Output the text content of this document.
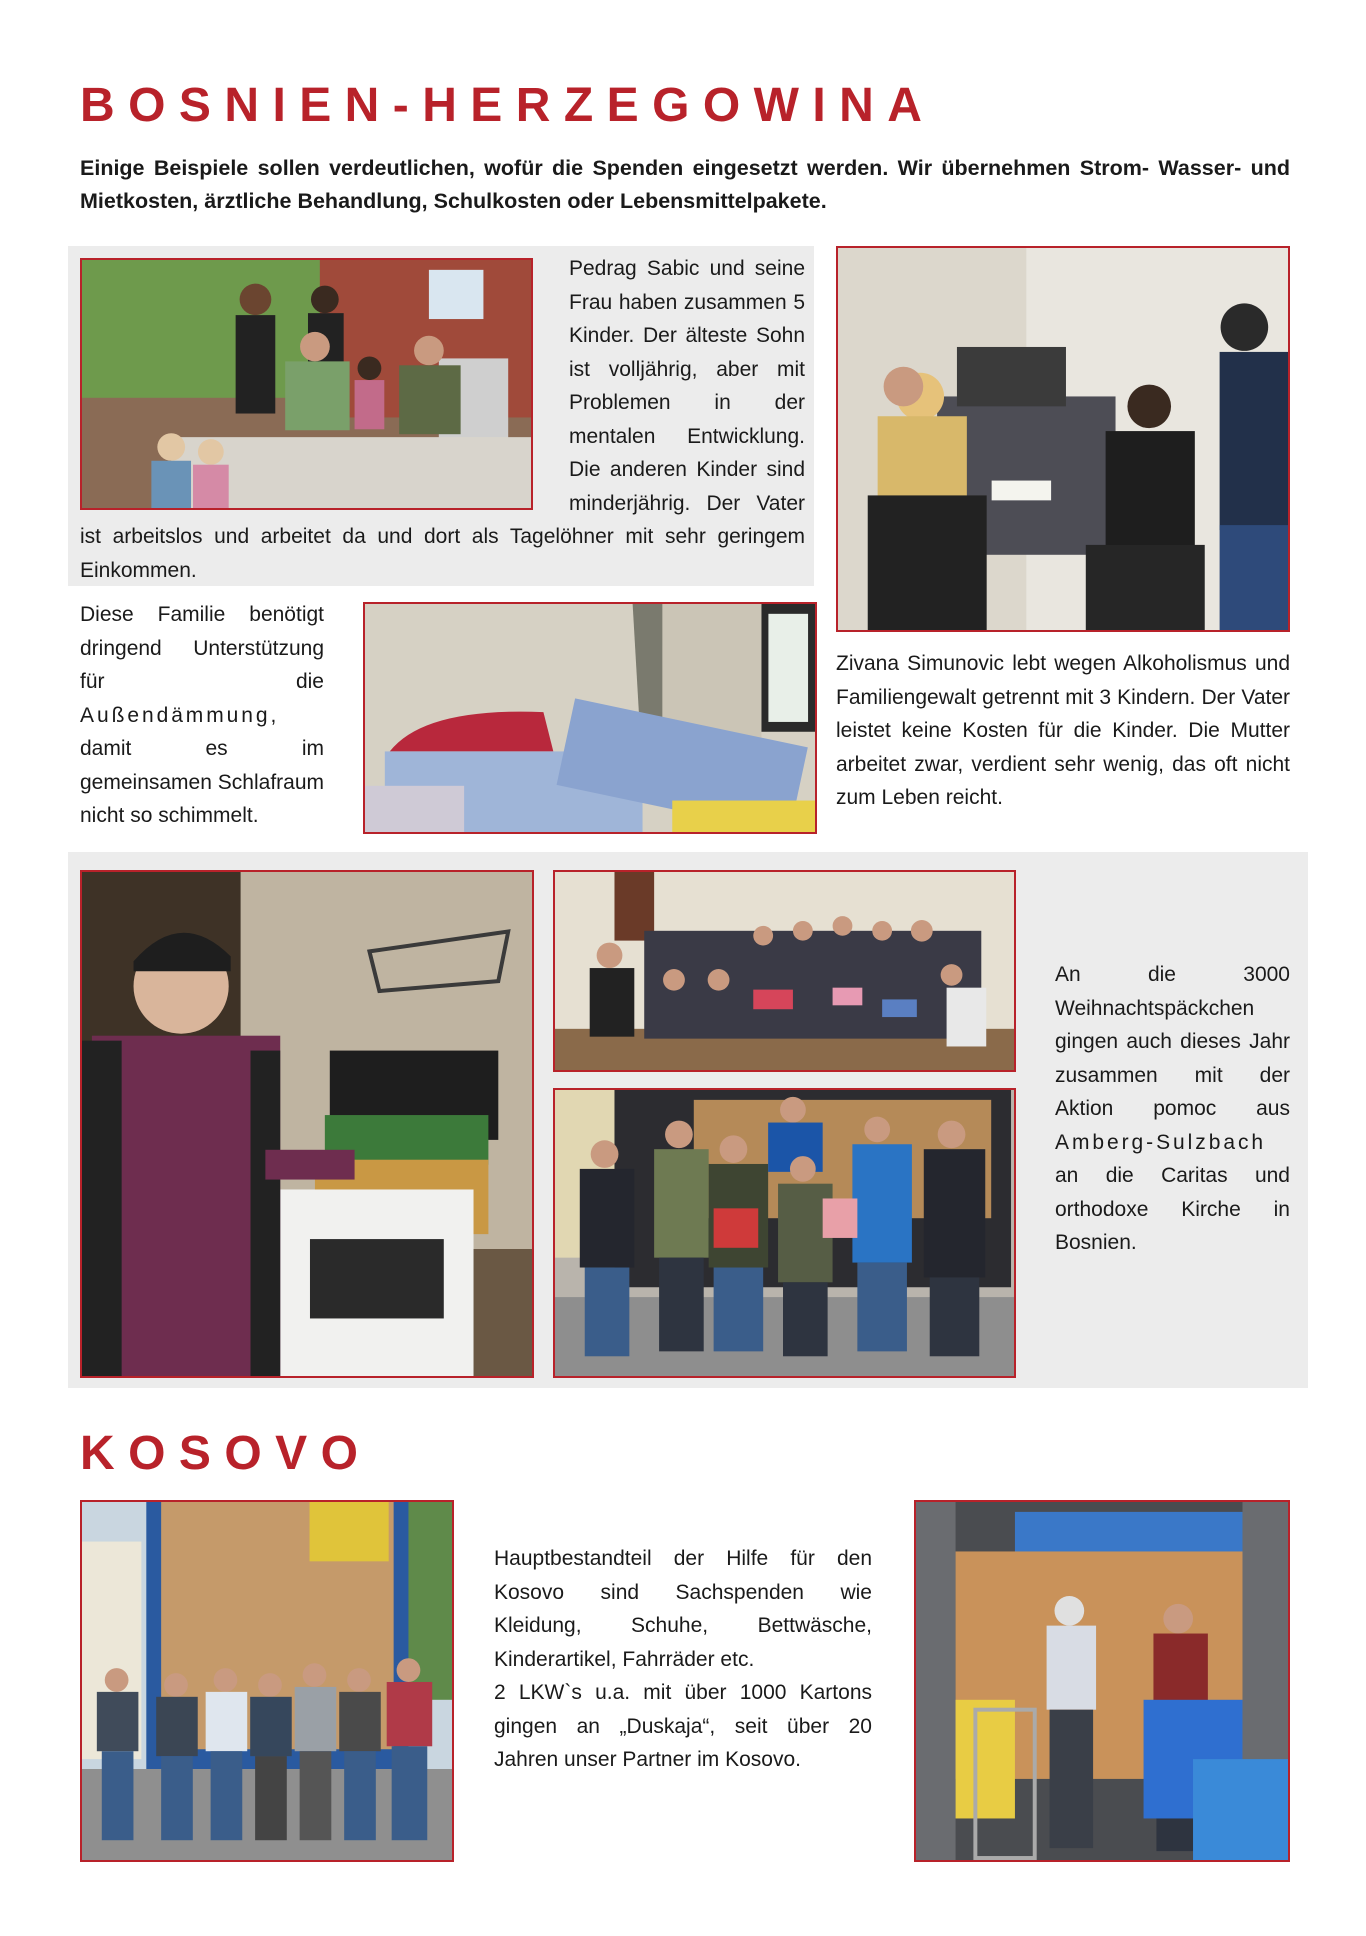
BOSNIEN-HERZEGOWINA
Einige Beispiele sollen verdeutlichen, wofür die Spenden eingesetzt werden. Wir übernehmen Strom- Wasser- und Mietkosten, ärztliche Behandlung, Schulkosten oder Lebensmittelpakete.
Pedrag Sabic und seine Frau haben zusammen 5 Kinder. Der älteste Sohn ist volljährig, aber mit Problemen in der mentalen Entwicklung. Die anderen Kinder sind minderjährig. Der Vater ist arbeitslos und arbeitet da und dort als Tagelöhner mit sehr geringem Einkommen.
Diese Familie benötigt dringend Unterstützung für die Außendämmung, damit es im gemeinsamen Schlafraum nicht so schimmelt.
Zivana Simunovic lebt wegen Alkoholismus und Familiengewalt getrennt mit 3 Kindern. Der Vater leistet keine Kosten für die Kinder. Die Mutter arbeitet zwar, verdient sehr wenig, das oft nicht zum Leben reicht.
An die 3000 Weihnachtspäckchen gingen auch dieses Jahr zusammen mit der Aktion pomoc aus Amberg-Sulzbach an die Caritas und orthodoxe Kirche in Bosnien.
KOSOVO
Hauptbestandteil der Hilfe für den Kosovo sind Sachspenden wie Kleidung, Schuhe, Bettwäsche, Kinderartikel, Fahrräder etc.
2 LKW`s u.a. mit über 1000 Kartons gingen an „Duskaja“, seit über 20 Jahren unser Partner im Kosovo.
